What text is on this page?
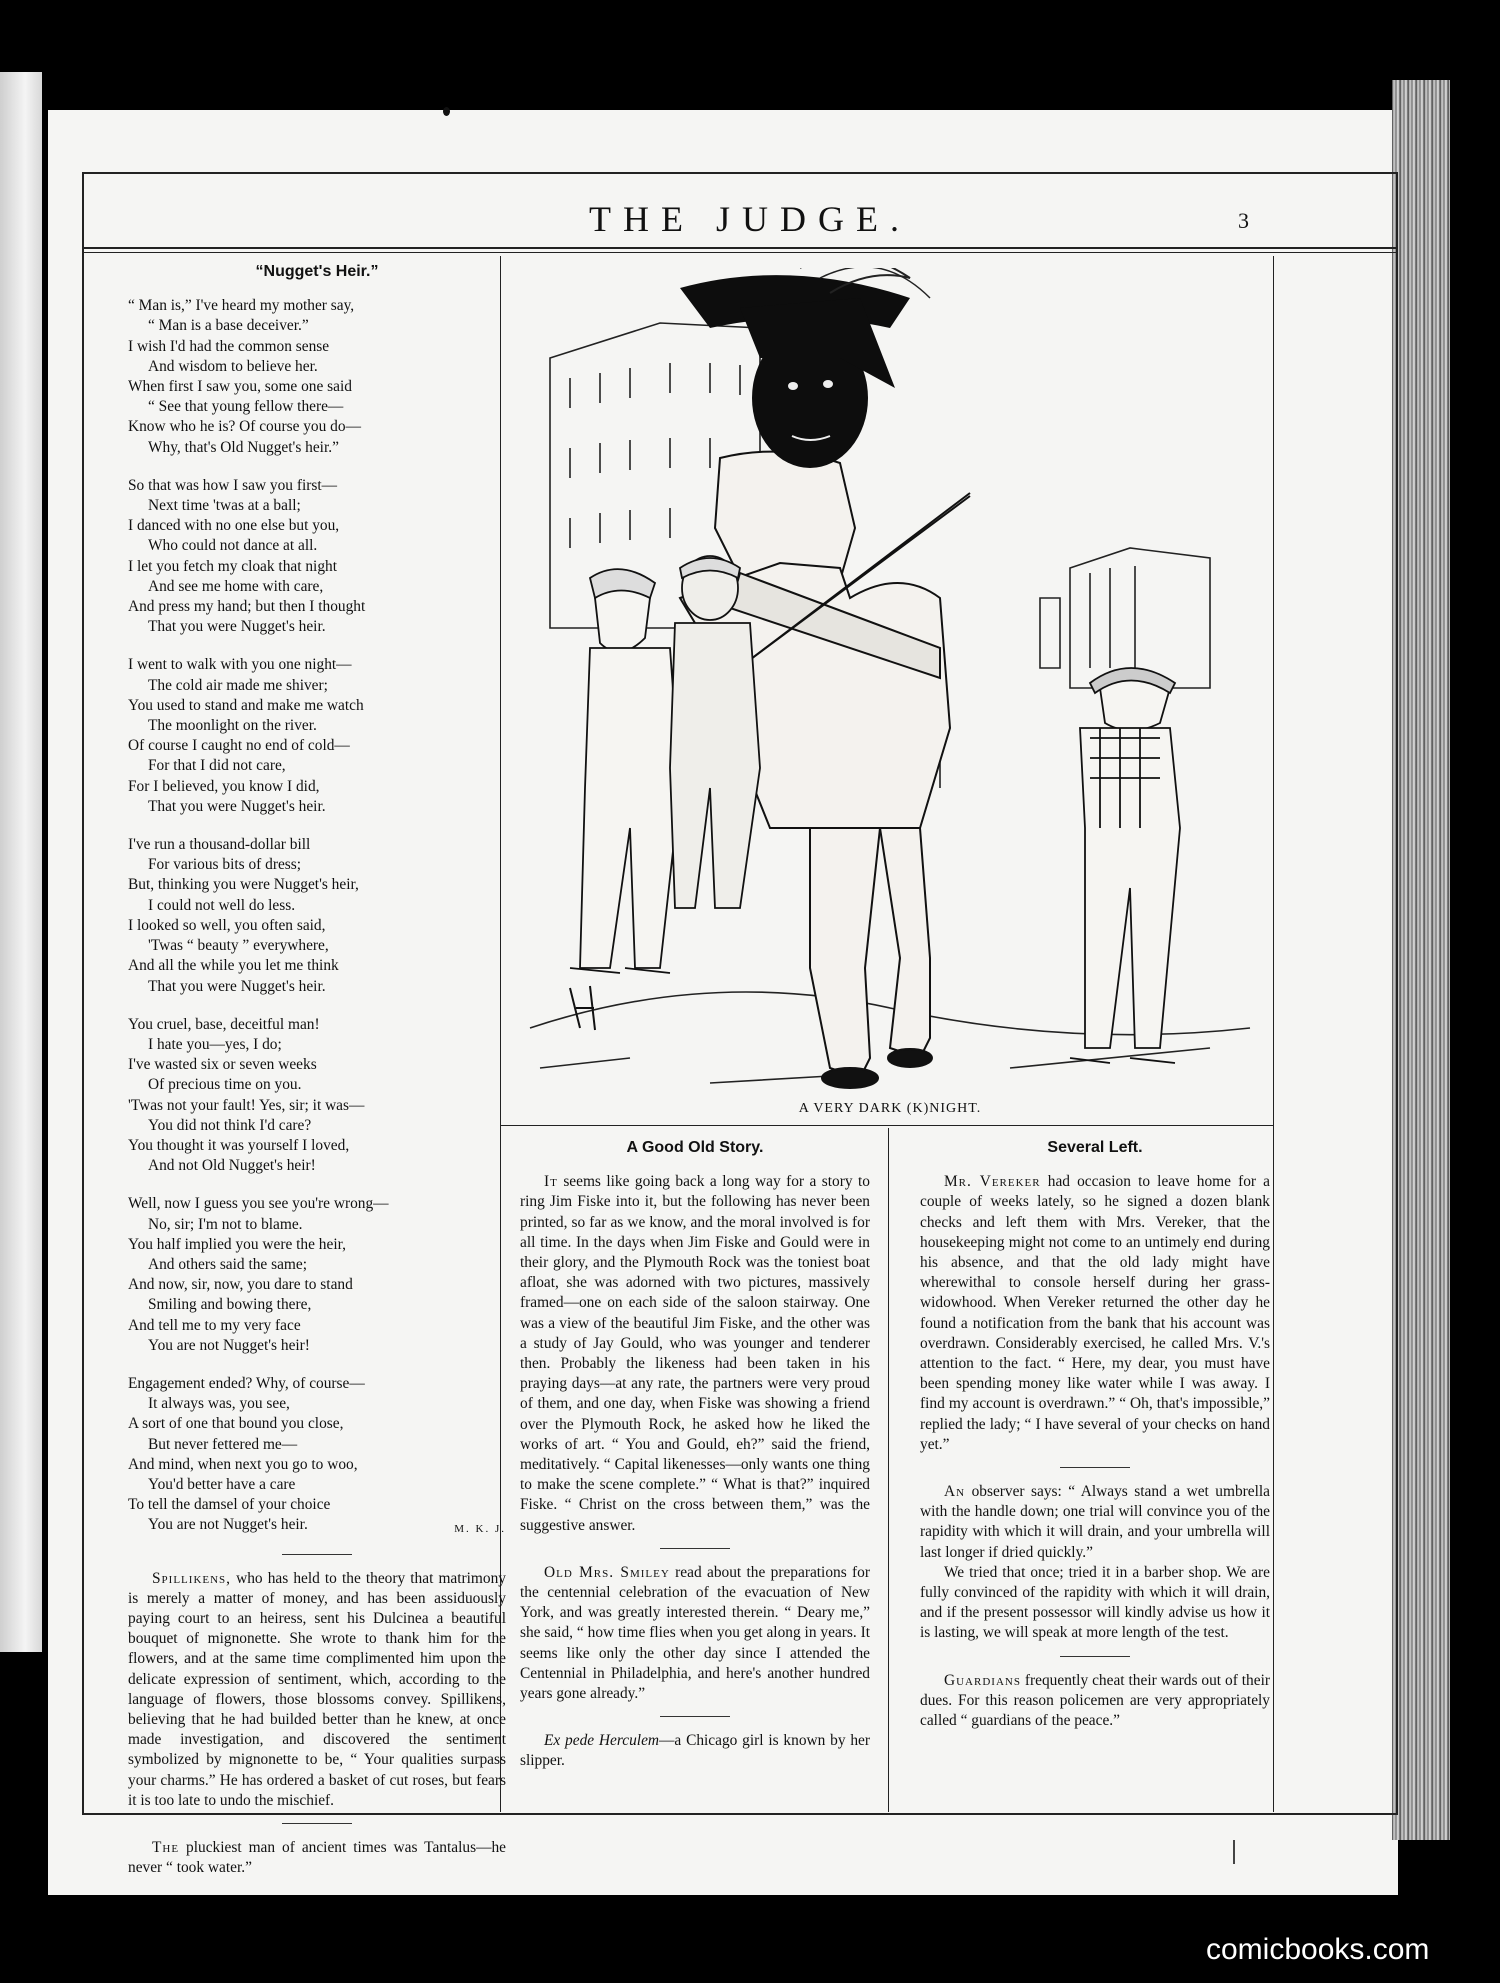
THE JUDGE.	3
“Nugget's Heir.”
“ Man is,” I've heard my mother say,
“ Man is a base deceiver.”
I wish I'd had the common sense
And wisdom to believe her.
When first I saw you, some one said
“ See that young fellow there—
Know who he is? Of course you do—
Why, that's Old Nugget's heir.”
So that was how I saw you first—
Next time 'twas at a ball;
I danced with no one else but you,
Who could not dance at all.
I let you fetch my cloak that night
And see me home with care,
And press my hand; but then I thought
That you were Nugget's heir.
I went to walk with you one night—
The cold air made me shiver;
You used to stand and make me watch
The moonlight on the river.
Of course I caught no end of cold—
For that I did not care,
For I believed, you know I did,
That you were Nugget's heir.
I've run a thousand-dollar bill
For various bits of dress;
But, thinking you were Nugget's heir,
I could not well do less.
I looked so well, you often said,
'Twas “ beauty ” everywhere,
And all the while you let me think
That you were Nugget's heir.
You cruel, base, deceitful man!
I hate you—yes, I do;
I've wasted six or seven weeks
Of precious time on you.
'Twas not your fault! Yes, sir; it was—
You did not think I'd care?
You thought it was yourself I loved,
And not Old Nugget's heir!
Well, now I guess you see you're wrong—
No, sir; I'm not to blame.
You half implied you were the heir,
And others said the same;
And now, sir, now, you dare to stand
Smiling and bowing there,
And tell me to my very face
You are not Nugget's heir!
Engagement ended? Why, of course—
It always was, you see,
A sort of one that bound you close,
But never fettered me—
And mind, when next you go to woo,
You'd better have a care
To tell the damsel of your choice
You are not Nugget's heir.	M. K. J.

Spillikens, who has held to the theory that matrimony is merely a matter of money, and has been assiduously paying court to an heiress, sent his Dulcinea a beautiful bouquet of mignonette. She wrote to thank him for the flowers, and at the same time complimented him upon the delicate expression of sentiment, which, according to the language of flowers, those blossoms convey. Spillikens, believing that he had builded better than he knew, at once made investigation, and discovered the sentiment symbolized by mignonette to be, “ Your qualities surpass your charms.” He has ordered a basket of cut roses, but fears it is too late to undo the mischief.

The pluckiest man of ancient times was Tantalus—he never “ took water.”

A VERY DARK (K)NIGHT.
A Good Old Story.

It seems like going back a long way for a story to ring Jim Fiske into it, but the following has never been printed, so far as we know, and the moral involved is for all time. In the days when Jim Fiske and Gould were in their glory, and the Plymouth Rock was the toniest boat afloat, she was adorned with two pictures, massively framed—one on each side of the saloon stairway. One was a view of the beautiful Jim Fiske, and the other was a study of Jay Gould, who was younger and tenderer then. Probably the likeness had been taken in his praying days—at any rate, the partners were very proud of them, and one day, when Fiske was showing a friend over the Plymouth Rock, he asked how he liked the works of art. “ You and Gould, eh?” said the friend, meditatively. “ Capital likenesses—only wants one thing to make the scene complete.” “ What is that?” inquired Fiske. “ Christ on the cross between them,” was the suggestive answer.

Old Mrs. Smiley read about the preparations for the centennial celebration of the evacuation of New York, and was greatly interested therein. “ Deary me,” she said, “ how time flies when you get along in years. It seems like only the other day since I attended the Centennial in Philadelphia, and here's another hundred years gone already.”

Ex pede Herculem—a Chicago girl is known by her slipper.

Several Left.

Mr. Vereker had occasion to leave home for a couple of weeks lately, so he signed a dozen blank checks and left them with Mrs. Vereker, that the housekeeping might not come to an untimely end during his absence, and that the old lady might have wherewithal to console herself during her grass-widowhood. When Vereker returned the other day he found a notification from the bank that his account was overdrawn. Considerably exercised, he called Mrs. V.'s attention to the fact. “ Here, my dear, you must have been spending money like water while I was away. I find my account is overdrawn.” “ Oh, that's impossible,” replied the lady; “ I have several of your checks on hand yet.”

An observer says: “ Always stand a wet umbrella with the handle down; one trial will convince you of the rapidity with which it will drain, and your umbrella will last longer if dried quickly.”

We tried that once; tried it in a barber shop. We are fully convinced of the rapidity with which it will drain, and if the present possessor will kindly advise us how it is lasting, we will speak at more length of the test.

Guardians frequently cheat their wards out of their dues. For this reason policemen are very appropriately called “ guardians of the peace.”

comicbooks.com
